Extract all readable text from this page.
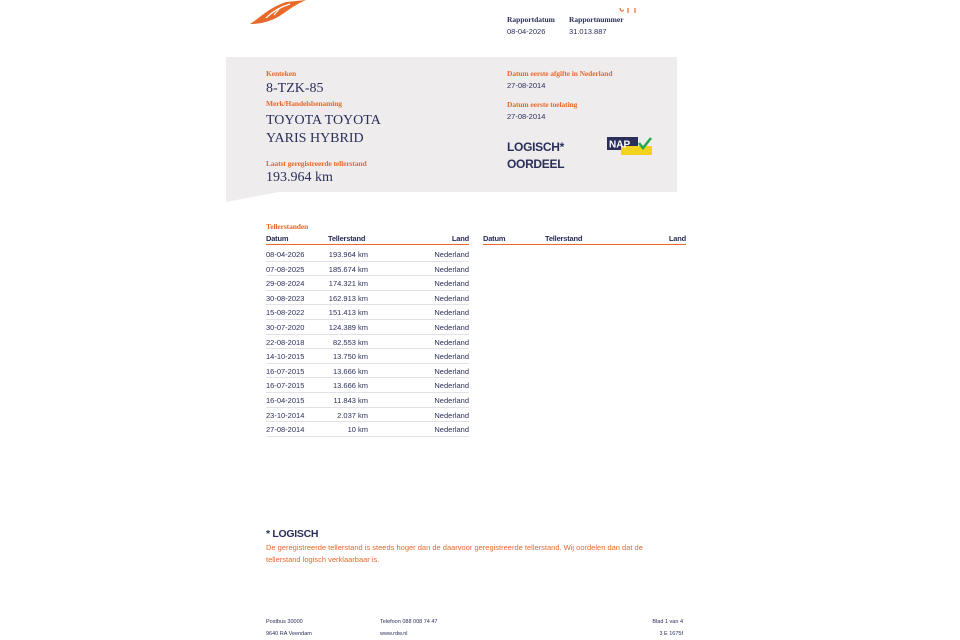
Rapportdatum
08-04-2026
Rapportnummer
31.013.887
Kenteken
8-TZK-85
Merk/Handelsbenaming
TOYOTA TOYOTA
YARIS HYBRID
Laatst geregistreerde tellerstand
193.964 km
Datum eerste afgifte in Nederland
27-08-2014
Datum eerste toelating
27-08-2014
LOGISCH*
OORDEEL
NAP
Tellerstanden
Datum	Tellerstand	Land Datum	Tellerstand	Land
08-04-2026	193.964 km	Nederland
07-08-2025	185.674 km	Nederland
29-08-2024	174.321 km	Nederland
30-08-2023	162.913 km	Nederland
15-08-2022	151.413 km	Nederland
30-07-2020	124.389 km	Nederland
22-08-2018	82.553 km	Nederland
14-10-2015	13.750 km	Nederland
16-07-2015	13.666 km	Nederland
16-07-2015	13.666 km	Nederland
16-04-2015	11.843 km	Nederland
23-10-2014	2.037 km	Nederland
27-08-2014	10 km	Nederland
* LOGISCH
De geregistreerde tellerstand is steeds hoger dan de daarvoor geregistreerde tellerstand. Wij oordelen dan dat de tellerstand logisch verklaarbaar is.
Postbus 30000
9640 RA Veendam
Telefoon 088 008 74 47
www.rdw.nl
Blad 1 van 4
3 E 1675f
